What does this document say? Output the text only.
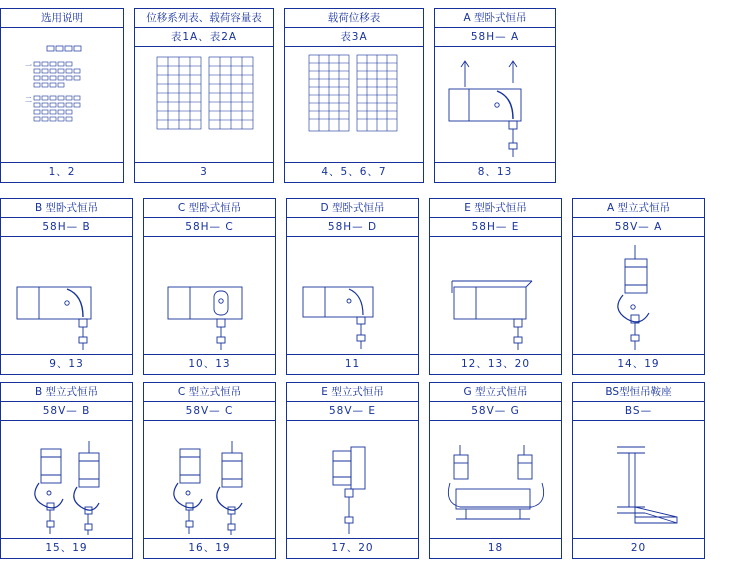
选用说明
一
二
1、2
位移系列表、载荷容量表
表1A、表2A
3
载荷位移表
表3A
4、5、6、7
A 型卧式恒吊
58H— A
8、13
B 型卧式恒吊
58H— B
9、13
C 型卧式恒吊
58H— C
10、13
D 型卧式恒吊
58H— D
11
E 型卧式恒吊
58H— E
12、13、20
A 型立式恒吊
58V— A
14、19
B 型立式恒吊
58V— B
15、19
C 型立式恒吊
58V— C
16、19
E 型立式恒吊
58V— E
17、20
G 型立式恒吊
58V— G
18
BS型恒吊鞍座
BS—
20
